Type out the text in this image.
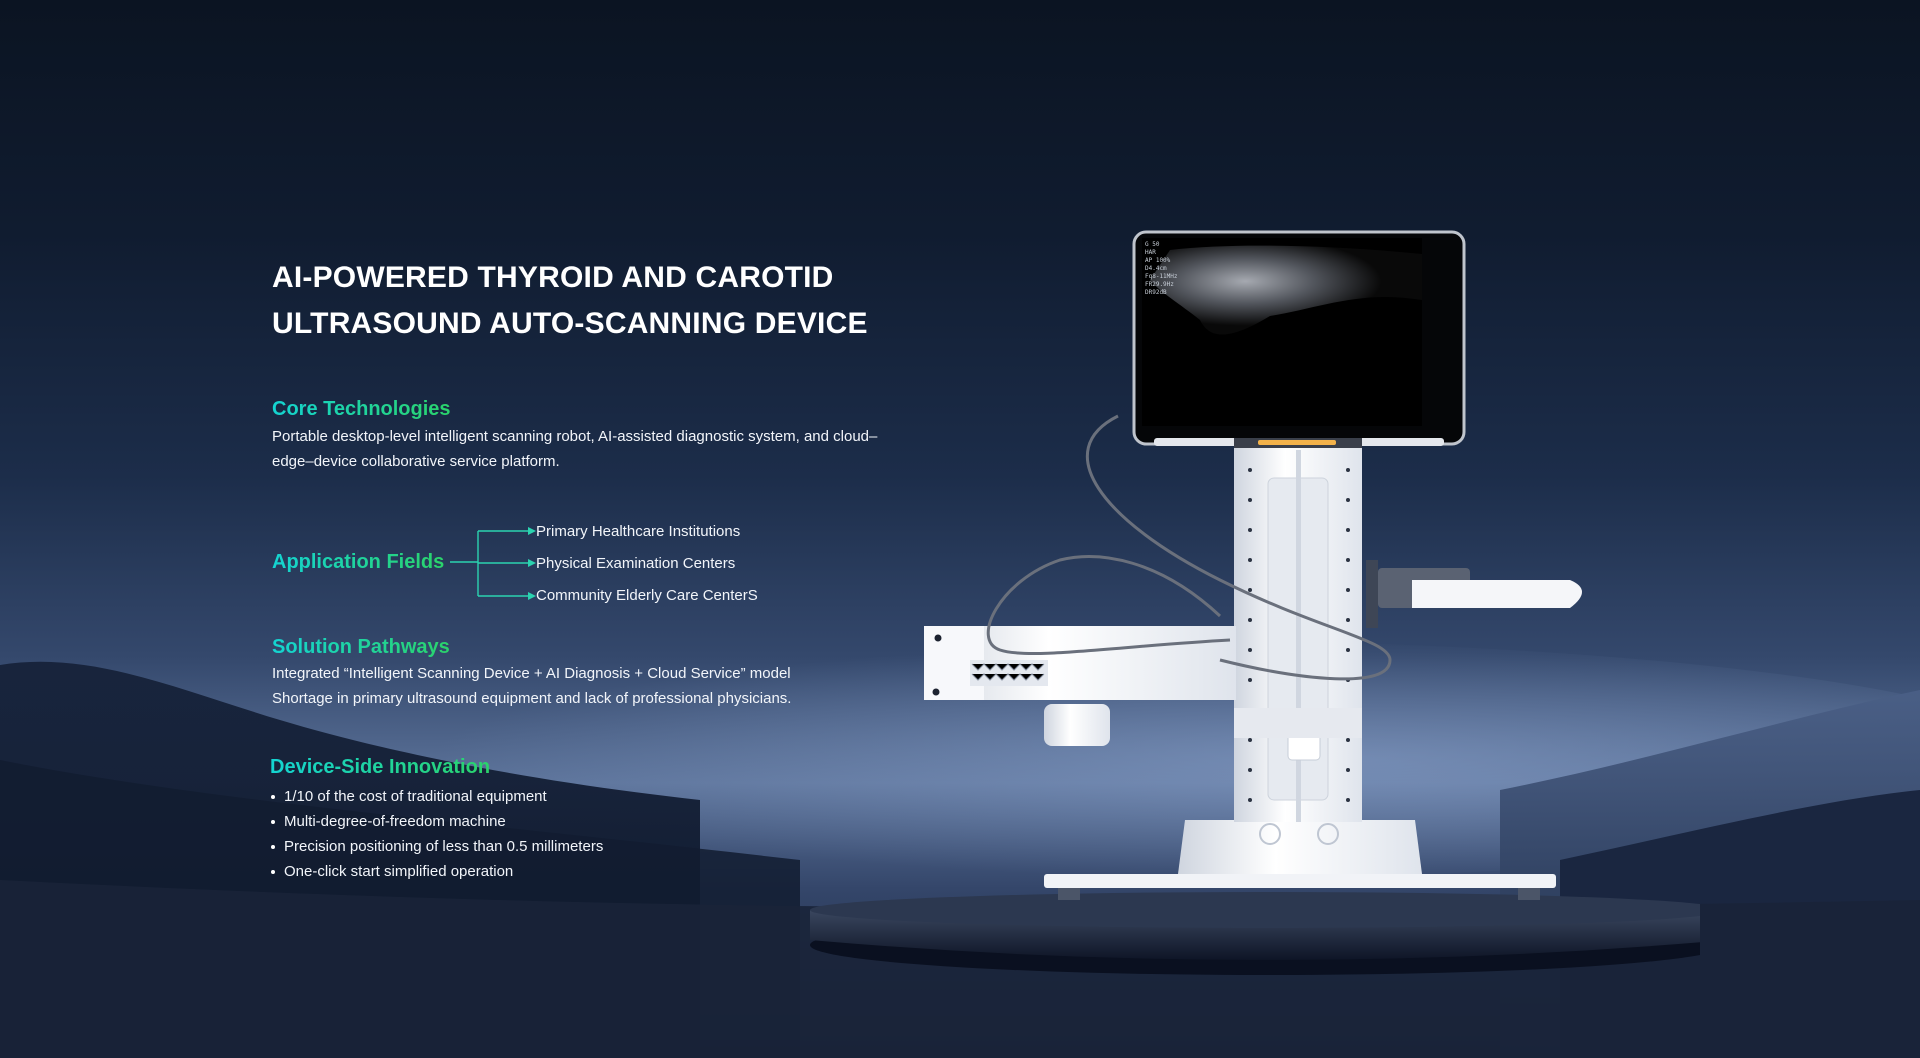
AI-POWERED THYROID AND CAROTID
ULTRASOUND AUTO-SCANNING DEVICE
Core Technologies

Portable desktop-level intelligent scanning robot, AI-assisted diagnostic system, and cloud–edge–device collaborative service platform.

Application Fields
Primary Healthcare Institutions
Physical Examination Centers
Community Elderly Care CenterS
Solution Pathways

Integrated “Intelligent Scanning Device + AI Diagnosis + Cloud Service” model

Shortage in primary ultrasound equipment and lack of professional physicians.

Device-Side Innovation
1/10 of the cost of traditional equipment
Multi-degree-of-freedom machine
Precision positioning of less than 0.5 millimeters
One-click start simplified operation
G 50
HAR
AP 100%
D4.4cm
Fq8-11MHz
FR29.9Hz
DR92dB
